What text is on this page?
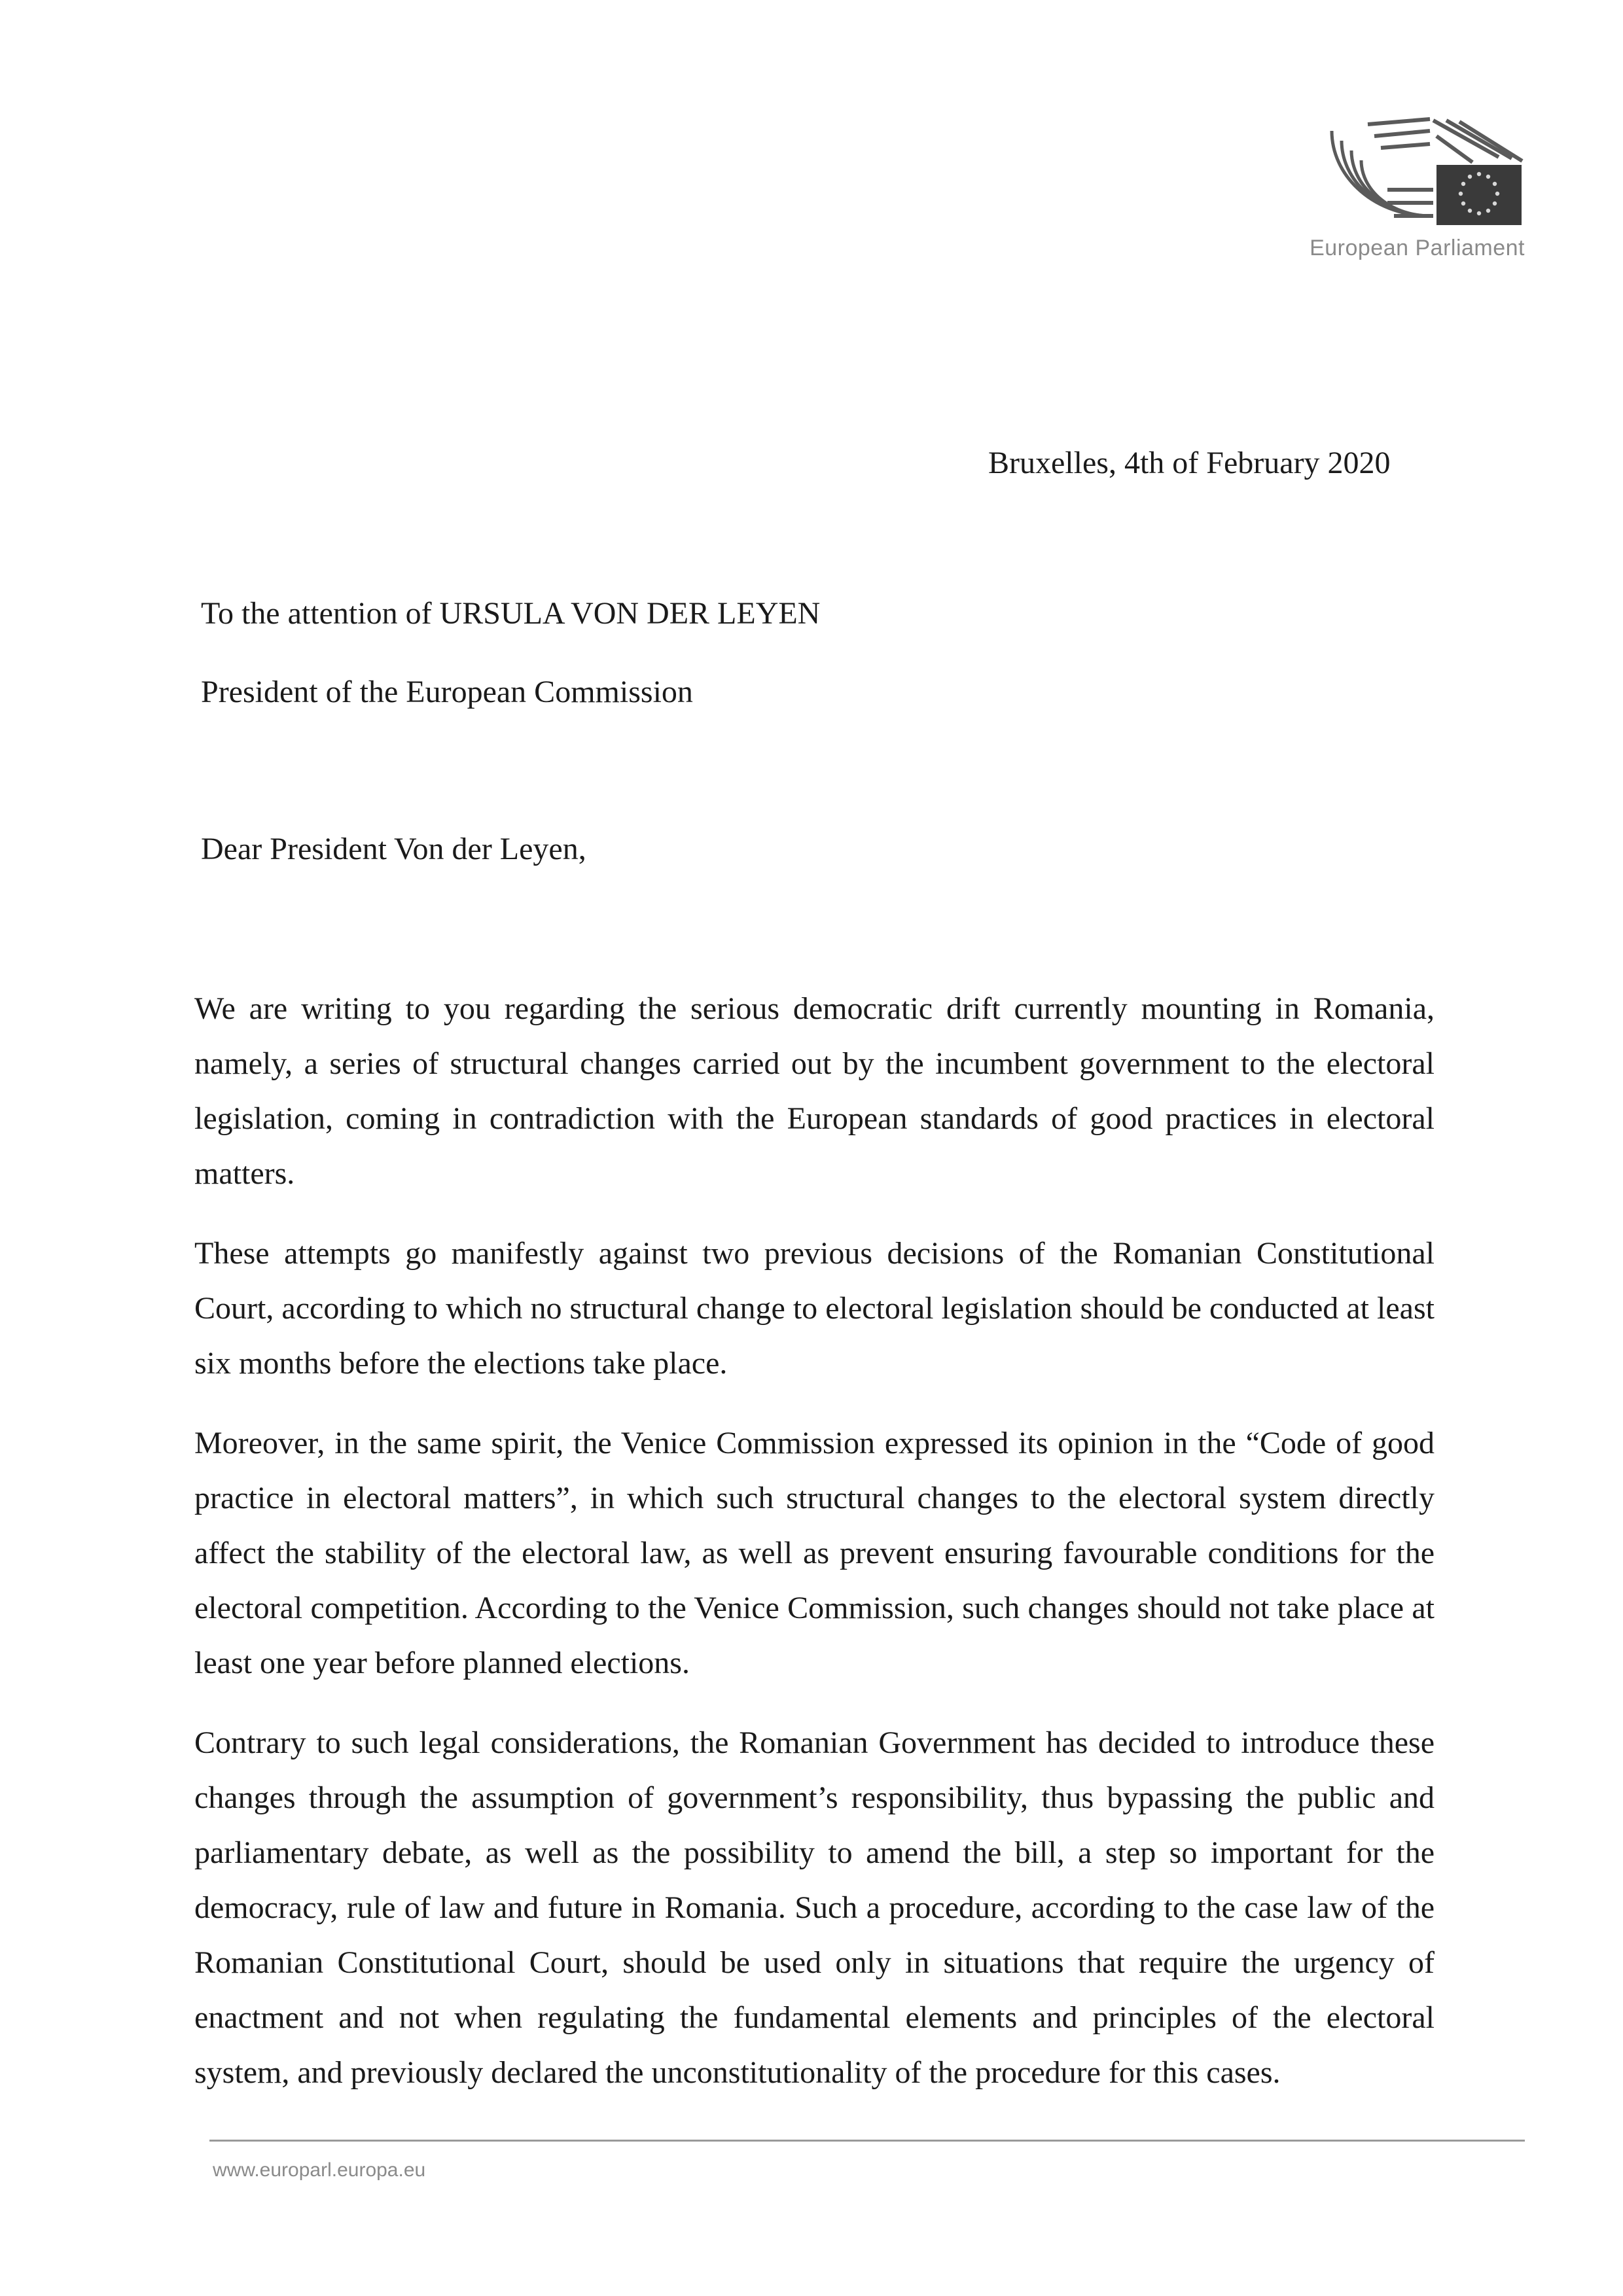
European Parliament
Bruxelles, 4th of February 2020
To the attention of URSULA VON DER LEYEN
President of the European Commission
Dear President Von der Leyen,

We are writing to you regarding the serious democratic drift currently mounting in Romania, namely, a series of structural changes carried out by the incumbent government to the electoral legislation, coming in contradiction with the European standards of good practices in electoral matters.

These attempts go manifestly against two previous decisions of the Romanian Constitutional Court, according to which no structural change to electoral legislation should be conducted at least six months before the elections take place.

Moreover, in the same spirit, the Venice Commission expressed its opinion in the “Code of good practice in electoral matters”, in which such structural changes to the electoral system directly affect the stability of the electoral law, as well as prevent ensuring favourable conditions for the electoral competition. According to the Venice Commission, such changes should not take place at least one year before planned elections.

Contrary to such legal considerations, the Romanian Government has decided to introduce these changes through the assumption of government’s responsibility, thus bypassing the public and parliamentary debate, as well as the possibility to amend the bill, a step so important for the democracy, rule of law and future in Romania. Such a procedure, according to the case law of the Romanian Constitutional Court, should be used only in situations that require the urgency of enactment and not when regulating the fundamental elements and principles of the electoral system, and previously declared the unconstitutionality of the procedure for this cases.

www.europarl.europa.eu
